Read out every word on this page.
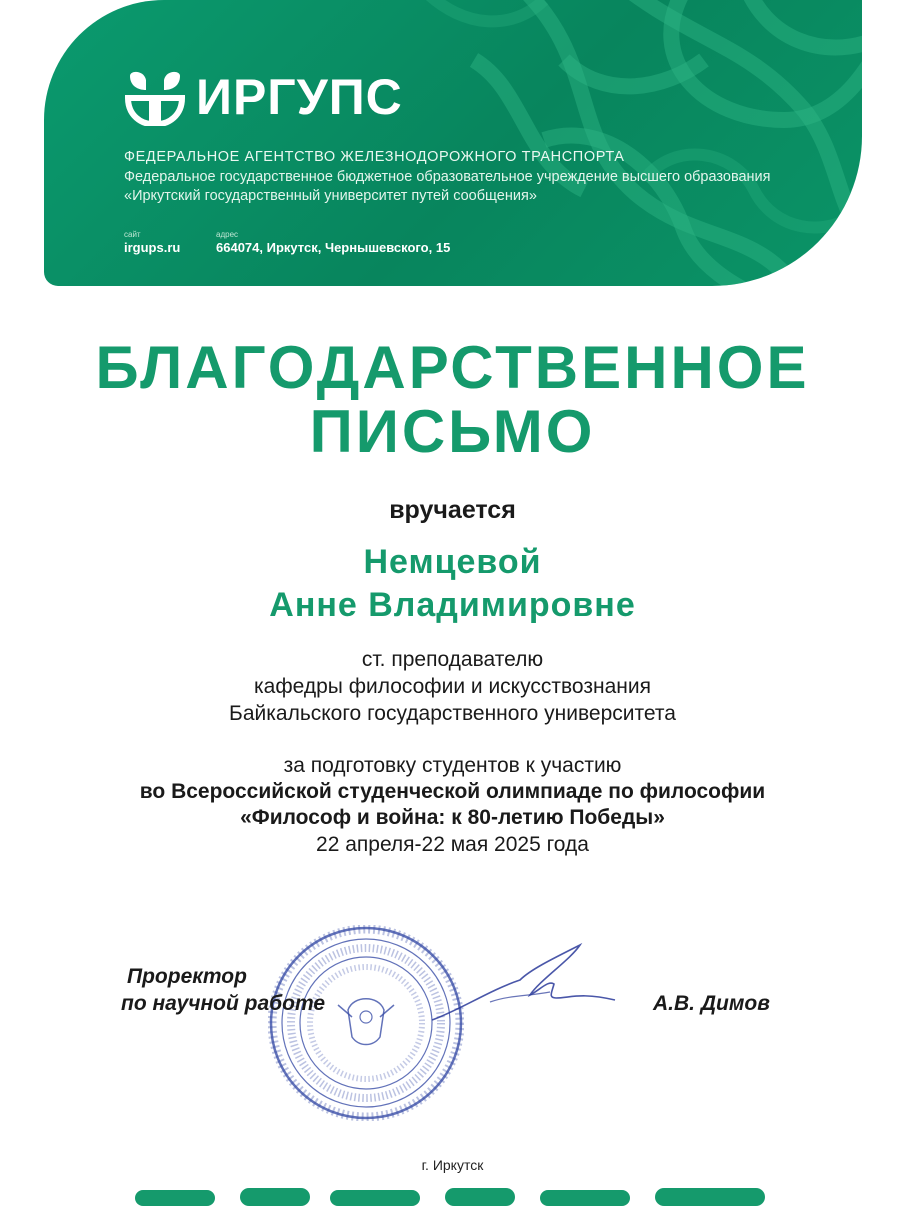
ИРГУПС
ФЕДЕРАЛЬНОЕ АГЕНТСТВО ЖЕЛЕЗНОДОРОЖНОГО ТРАНСПОРТА
Федеральное государственное бюджетное образовательное учреждение высшего образования «Иркутский государственный университет путей сообщения»
сайт
irgups.ru
адрес
664074, Иркутск, Чернышевского, 15
БЛАГОДАРСТВЕННОЕ
ПИСЬМО
вручается
Немцевой
Анне Владимировне
ст. преподавателю
кафедры философии и искусствознания
Байкальского государственного университета
за подготовку студентов к участию
во Всероссийской студенческой олимпиаде по философии
«Философ и война: к 80-летию Победы»
22 апреля-22 мая 2025 года
Проректор
по научной работе	А.В. Димов
г. Иркутск
